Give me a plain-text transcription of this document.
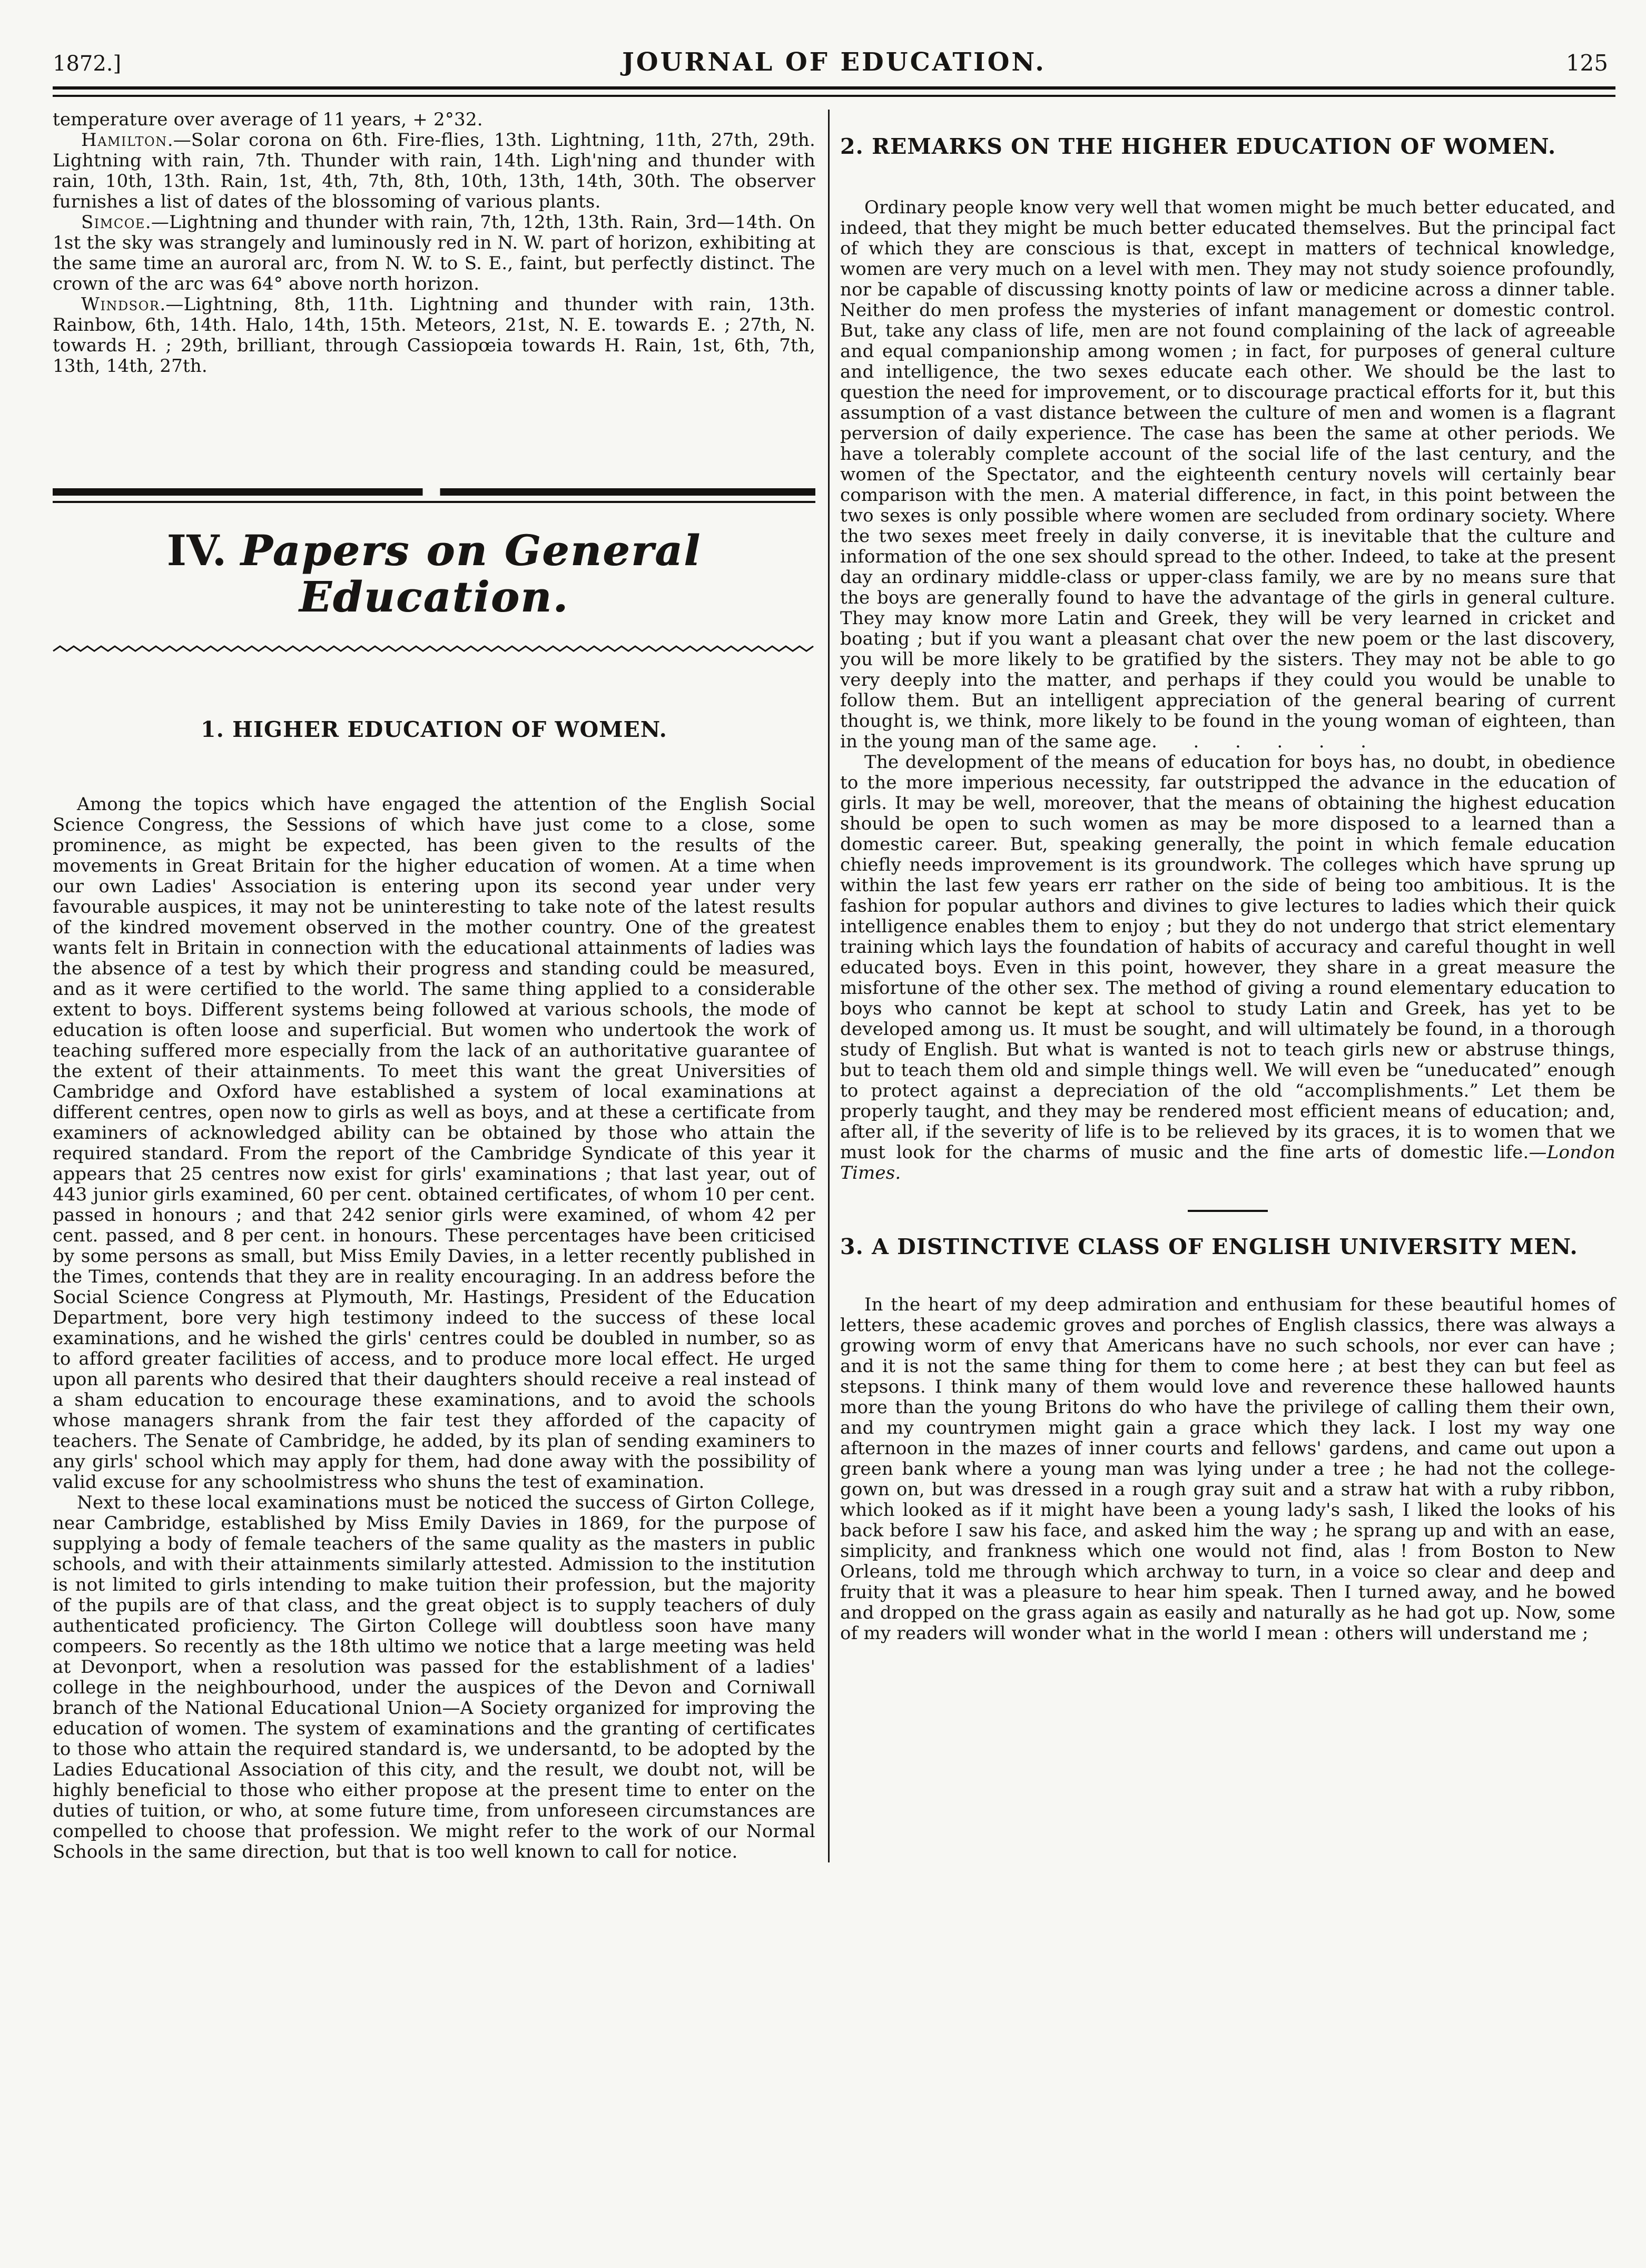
1872.]	JOURNAL OF EDUCATION.	125

temperature over average of 11 years, + 2°32.

Hamilton.—Solar corona on 6th. Fire-flies, 13th. Lightning, 11th, 27th, 29th. Lightning with rain, 7th. Thunder with rain, 14th. Ligh'ning and thunder with rain, 10th, 13th. Rain, 1st, 4th, 7th, 8th, 10th, 13th, 14th, 30th. The observer furnishes a list of dates of the blossoming of various plants.

Simcoe.—Lightning and thunder with rain, 7th, 12th, 13th. Rain, 3rd—14th. On 1st the sky was strangely and luminously red in N. W. part of horizon, exhibiting at the same time an auroral arc, from N. W. to S. E., faint, but perfectly distinct. The crown of the arc was 64° above north horizon.

Windsor.—Lightning, 8th, 11th. Lightning and thunder with rain, 13th. Rainbow, 6th, 14th. Halo, 14th, 15th. Meteors, 21st, N. E. towards E. ; 27th, N. towards H. ; 29th, brilliant, through Cassiopœia towards H. Rain, 1st, 6th, 7th, 13th, 14th, 27th.

IV. Papers on General Education.
1. HIGHER EDUCATION OF WOMEN.

Among the topics which have engaged the attention of the English Social Science Congress, the Sessions of which have just come to a close, some prominence, as might be expected, has been given to the results of the movements in Great Britain for the higher education of women. At a time when our own Ladies' Association is entering upon its second year under very favourable auspices, it may not be uninteresting to take note of the latest results of the kindred movement observed in the mother country. One of the greatest wants felt in Britain in connection with the educational attainments of ladies was the absence of a test by which their progress and standing could be measured, and as it were certified to the world. The same thing applied to a considerable extent to boys. Different systems being followed at various schools, the mode of education is often loose and superficial. But women who undertook the work of teaching suffered more especially from the lack of an authoritative guarantee of the extent of their attainments. To meet this want the great Universities of Cambridge and Oxford have established a system of local examinations at different centres, open now to girls as well as boys, and at these a certificate from examiners of acknowledged ability can be obtained by those who attain the required standard. From the report of the Cambridge Syndicate of this year it appears that 25 centres now exist for girls' examinations ; that last year, out of 443 junior girls examined, 60 per cent. obtained certificates, of whom 10 per cent. passed in honours ; and that 242 senior girls were examined, of whom 42 per cent. passed, and 8 per cent. in honours. These percentages have been criticised by some persons as small, but Miss Emily Davies, in a letter recently published in the Times, contends that they are in reality encouraging. In an address before the Social Science Congress at Plymouth, Mr. Hastings, President of the Education Department, bore very high testimony indeed to the success of these local examinations, and he wished the girls' centres could be doubled in number, so as to afford greater facilities of access, and to produce more local effect. He urged upon all parents who desired that their daughters should receive a real instead of a sham education to encourage these examinations, and to avoid the schools whose managers shrank from the fair test they afforded of the capacity of teachers. The Senate of Cambridge, he added, by its plan of sending examiners to any girls' school which may apply for them, had done away with the possibility of valid excuse for any schoolmistress who shuns the test of examination.

Next to these local examinations must be noticed the success of Girton College, near Cambridge, established by Miss Emily Davies in 1869, for the purpose of supplying a body of female teachers of the same quality as the masters in public schools, and with their attainments similarly attested. Admission to the institution is not limited to girls intending to make tuition their profession, but the majority of the pupils are of that class, and the great object is to supply teachers of duly authenticated proficiency. The Girton College will doubtless soon have many compeers. So recently as the 18th ultimo we notice that a large meeting was held at Devonport, when a resolution was passed for the establishment of a ladies' college in the neighbourhood, under the auspices of the Devon and Corniwall branch of the National Educational Union—A Society organized for improving the education of women. The system of examinations and the granting of certificates to those who attain the required standard is, we undersantd, to be adopted by the Ladies Educational Association of this city, and the result, we doubt not, will be highly beneficial to those who either propose at the present time to enter on the duties of tuition, or who, at some future time, from unforeseen circumstances are compelled to choose that profession. We might refer to the work of our Normal Schools in the same direction, but that is too well known to call for notice.

2. REMARKS ON THE HIGHER EDUCATION OF WOMEN.

Ordinary people know very well that women might be much better educated, and indeed, that they might be much better educated themselves. But the principal fact of which they are conscious is that, except in matters of technical knowledge, women are very much on a level with men. They may not study soience profoundly, nor be capable of discussing knotty points of law or medicine across a dinner table. Neither do men profess the mysteries of infant management or domestic control. But, take any class of life, men are not found complaining of the lack of agreeable and equal companionship among women ; in fact, for purposes of general culture and intelligence, the two sexes educate each other. We should be the last to question the need for improvement, or to discourage practical efforts for it, but this assumption of a vast distance between the culture of men and women is a flagrant perversion of daily experience. The case has been the same at other periods. We have a tolerably complete account of the social life of the last century, and the women of the Spectator, and the eighteenth century novels will certainly bear comparison with the men. A material difference, in fact, in this point between the two sexes is only possible where women are secluded from ordinary society. Where the two sexes meet freely in daily converse, it is inevitable that the culture and information of the one sex should spread to the other. Indeed, to take at the present day an ordinary middle-class or upper-class family, we are by no means sure that the boys are generally found to have the advantage of the girls in general culture. They may know more Latin and Greek, they will be very learned in cricket and boating ; but if you want a pleasant chat over the new poem or the last discovery, you will be more likely to be gratified by the sisters. They may not be able to go very deeply into the matter, and perhaps if they could you would be unable to follow them. But an intelligent appreciation of the general bearing of current thought is, we think, more likely to be found in the young woman of eighteen, than in the young man of the same age.  .  .  .  .  .

The development of the means of education for boys has, no doubt, in obedience to the more imperious necessity, far outstripped the advance in the education of girls. It may be well, moreover, that the means of obtaining the highest education should be open to such women as may be more disposed to a learned than a domestic career. But, speaking generally, the point in which female education chiefly needs improvement is its groundwork. The colleges which have sprung up within the last few years err rather on the side of being too ambitious. It is the fashion for popular authors and divines to give lectures to ladies which their quick intelligence enables them to enjoy ; but they do not undergo that strict elementary training which lays the foundation of habits of accuracy and careful thought in well educated boys. Even in this point, however, they share in a great measure the misfortune of the other sex. The method of giving a round elementary education to boys who cannot be kept at school to study Latin and Greek, has yet to be developed among us. It must be sought, and will ultimately be found, in a thorough study of English. But what is wanted is not to teach girls new or abstruse things, but to teach them old and simple things well. We will even be “uneducated” enough to protect against a depreciation of the old “accomplishments.” Let them be properly taught, and they may be rendered most efficient means of education; and, after all, if the severity of life is to be relieved by its graces, it is to women that we must look for the charms of music and the fine arts of domestic life.—London Times.

3. A DISTINCTIVE CLASS OF ENGLISH UNIVERSITY MEN.

In the heart of my deep admiration and enthusiam for these beautiful homes of letters, these academic groves and porches of English classics, there was always a growing worm of envy that Americans have no such schools, nor ever can have ; and it is not the same thing for them to come here ; at best they can but feel as stepsons. I think many of them would love and reverence these hallowed haunts more than the young Britons do who have the privilege of calling them their own, and my countrymen might gain a grace which they lack. I lost my way one afternoon in the mazes of inner courts and fellows' gardens, and came out upon a green bank where a young man was lying under a tree ; he had not the college-gown on, but was dressed in a rough gray suit and a straw hat with a ruby ribbon, which looked as if it might have been a young lady's sash, I liked the looks of his back before I saw his face, and asked him the way ; he sprang up and with an ease, simplicity, and frankness which one would not find, alas ! from Boston to New Orleans, told me through which archway to turn, in a voice so clear and deep and fruity that it was a pleasure to hear him speak. Then I turned away, and he bowed and dropped on the grass again as easily and naturally as he had got up. Now, some of my readers will wonder what in the world I mean : others will understand me ;
